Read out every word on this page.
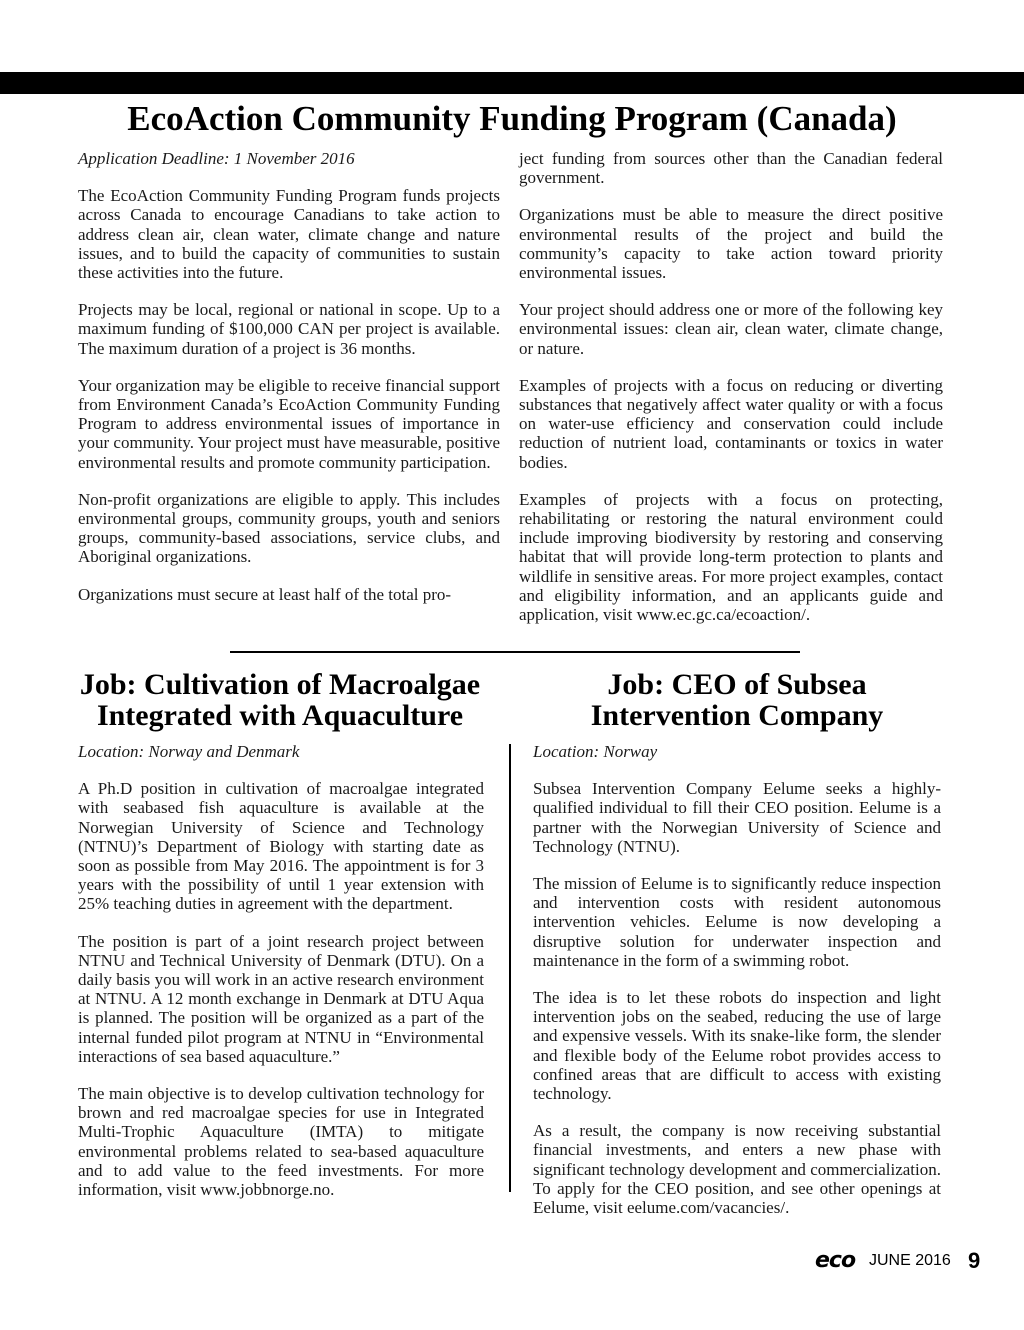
EcoAction Community Funding Program (Canada)

Application Deadline: 1 November 2016

The EcoAction Community Funding Program funds projects across Canada to encourage Canadians to take action to address clean air, clean water, climate change and nature issues, and to build the capacity of communities to sustain these activities into the future.

Projects may be local, regional or national in scope. Up to a maximum funding of $100,000 CAN per project is available. The maximum duration of a project is 36 months.

Your organization may be eligible to receive financial support from Environment Canada’s EcoAction Community Funding Program to address environmental issues of importance in your community. Your project must have measurable, positive environmental results and promote community participation.

Non-profit organizations are eligible to apply. This includes environmental groups, community groups, youth and seniors groups, community-based associations, service clubs, and Aboriginal organizations.

Organizations must secure at least half of the total pro-

ject funding from sources other than the Canadian federal government.

Organizations must be able to measure the direct positive environmental results of the project and build the community’s capacity to take action toward priority environmental issues.

Your project should address one or more of the following key environmental issues: clean air, clean water, climate change, or nature.

Examples of projects with a focus on reducing or diverting substances that negatively affect water quality or with a focus on water-use efficiency and conservation could include reduction of nutrient load, contaminants or toxics in water bodies.

Examples of projects with a focus on protecting, rehabilitating or restoring the natural environment could include improving biodiversity by restoring and conserving habitat that will provide long-term protection to plants and wildlife in sensitive areas. For more project examples, contact and eligibility information, and an applicants guide and application, visit www.ec.gc.ca/ecoaction/.

Job: Cultivation of Macroalgae Integrated with Aquaculture
Job: CEO of Subsea Intervention Company

Location: Norway and Denmark

A Ph.D position in cultivation of macroalgae integrated with seabased fish aquaculture is available at the Norwegian University of Science and Technology (NTNU)’s Department of Biology with starting date as soon as possible from May 2016. The appointment is for 3 years with the possibility of until 1 year extension with 25% teaching duties in agreement with the department.

The position is part of a joint research project between NTNU and Technical University of Denmark (DTU). On a daily basis you will work in an active research environment at NTNU. A 12 month exchange in Denmark at DTU Aqua is planned. The position will be organized as a part of the internal funded pilot program at NTNU in “Environmental interactions of sea based aquaculture.”

The main objective is to develop cultivation technology for brown and red macroalgae species for use in Integrated Multi-Trophic Aquaculture (IMTA) to mitigate environmental problems related to sea-based aquaculture and to add value to the feed investments. For more information, visit www.jobbnorge.no.

Location: Norway

Subsea Intervention Company Eelume seeks a highly-qualified individual to fill their CEO position. Eelume is a partner with the Norwegian University of Science and Technology (NTNU).

The mission of Eelume is to significantly reduce inspection and intervention costs with resident autonomous intervention vehicles. Eelume is now developing a disruptive solution for underwater inspection and maintenance in the form of a swimming robot.

The idea is to let these robots do inspection and light intervention jobs on the seabed, reducing the use of large and expensive vessels. With its snake-like form, the slender and flexible body of the Eelume robot provides access to confined areas that are difficult to access with existing technology.

As a result, the company is now receiving substantial financial investments, and enters a new phase with significant technology development and commercialization. To apply for the CEO position, and see other openings at Eelume, visit eelume.com/vacancies/.

eco JUNE 2016 9
